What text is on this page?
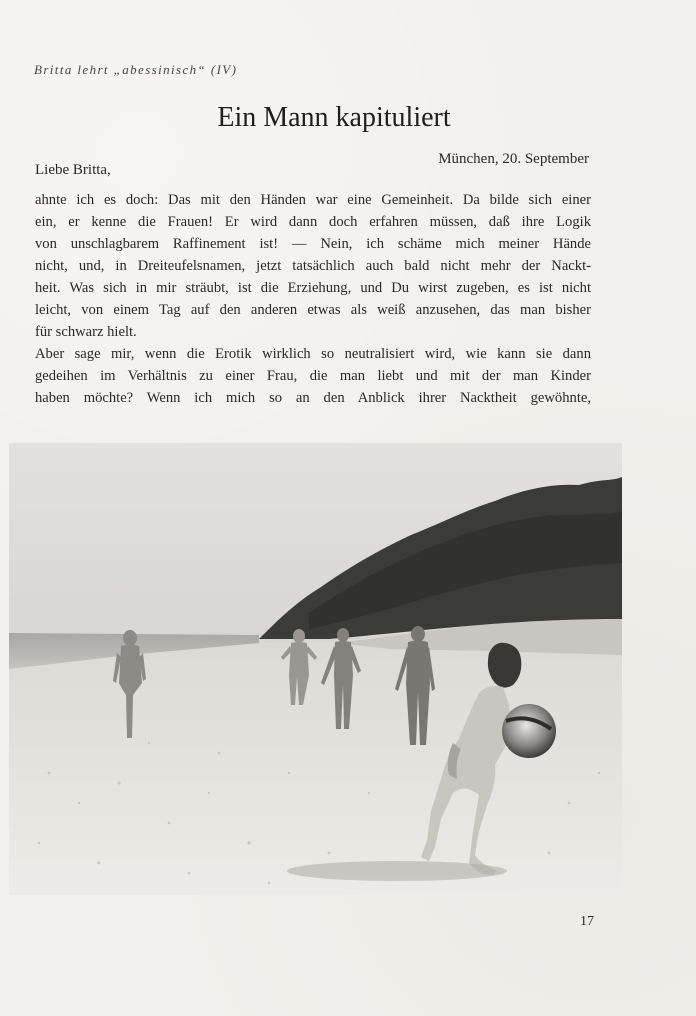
Britta lehrt „abessinisch“ (IV)
Ein Mann kapituliert
München, 20. September
Liebe Britta,
ahnte ich es doch: Das mit den Händen war eine Gemeinheit. Da bilde sich einer
ein, er kenne die Frauen! Er wird dann doch erfahren müssen, daß ihre Logik
von unschlagbarem Raffinement ist! — Nein, ich schäme mich meiner Hände
nicht, und, in Dreiteufelsnamen, jetzt tatsächlich auch bald nicht mehr der Nackt-
heit. Was sich in mir sträubt, ist die Erziehung, und Du wirst zugeben, es ist nicht
leicht, von einem Tag auf den anderen etwas als weiß anzusehen, das man bisher
für schwarz hielt.
Aber sage mir, wenn die Erotik wirklich so neutralisiert wird, wie kann sie dann
gedeihen im Verhältnis zu einer Frau, die man liebt und mit der man Kinder
haben möchte? Wenn ich mich so an den Anblick ihrer Nacktheit gewöhnte,
17
